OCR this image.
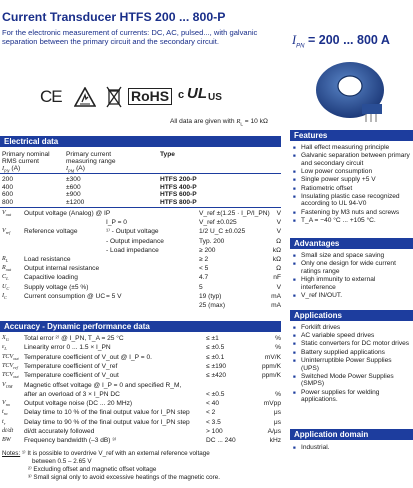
Current Transducer HTFS 200 ... 800-P
$I_{PN} = 200$ ... 800 A
For the electronic measurement of currents: DC, AC, pulsed..., with galvanic separation between the primary circuit and the secondary circuit.
CE	RoHS c UL US
All data are given with $R_L = 10$ kΩ
Electrical data
Primary nominal
RMS current
$I_{PN}$ (A)
Primary current
measuring range
$I_{PM}$ (A)
Type
200	±300	HTFS 200-P
400	±600	HTFS 400-P
600	±900	HTFS 600-P
800	±1200	HTFS 800-P
$V_{out}$ Output voltage (Analog) @ IP	V_ref ±(1.25 · I_P/I_PN)	V
I_P = 0	V_ref ±0.025	V
$V_{ref}$ Reference voltage	¹⁾ - Output voltage	1/2 U_C ±0.025	V
- Output impedance	Typ. 200	Ω
- Load impedance	≥ 200	kΩ
$R_L$ Load resistance	≥ 2	kΩ
$R_{out}$ Output internal resistance	< 5	Ω
$C_L$ Capacitive loading	4.7	nF
$U_C$ Supply voltage (±5 %)	5	V
$I_C$	Current consumption @ UC = 5 V	19 (typ)	mA
25 (max)	mA
Accuracy - Dynamic performance data
$X_G$ Total error ²⁾ @ I_PN, T_A = 25 °C	≤ ±1	%
$\varepsilon_L$	Linearity error 0 ... 1.5 × I_PN	≤ ±0.5	%
$TCV_{out}$ Temperature coefficient of V_out @ I_P = 0.	≤ ±0.1	mV/K
$TCV_{ref}$ Temperature coefficient of V_ref	≤ ±190	ppm/K
$TCV_{out}$ Temperature coefficient of V_out	≤ ±420	ppm/K
$V_{OM}$ Magnetic offset voltage @ I_P = 0 and specified R_M,
after an overload of 3 × I_PN DC	< ±0.5	%
$V_{no}$ Output voltage noise (DC ... 20 MHz)	< 40	mVpp
$t_{ra}$ Delay time to 10 % of the final output value for I_PN step < 2	μs
$t_r$	Delay time to 90 % of the final output value for I_PN step < 3.5	μs
di/dt di/dt accurately followed	> 100	A/μs
BW Frequency bandwidth (–3 dB) ³⁾	DC ... 240	kHz
Features
■ Hall effect measuring principle
■ Galvanic separation between primary and secondary circuit
■ Low power consumption
■ Single power supply +5 V
■ Ratiometric offset
■ Insulating plastic case recognized according to UL 94-V0
■ Fastening by M3 nuts and screws
■ T_A = −40 °C ... +105 °C.
Advantages
■ Small size and space saving
■ Only one design for wide current ratings range
■ High immunity to external interference
■ V_ref IN/OUT.
Applications
■ Forklift drives
■ AC variable speed drives
■ Static converters for DC motor drives
■ Battery supplied applications
■ Uninterruptible Power Supplies (UPS)
■ Switched Mode Power Supplies (SMPS)
■ Power supplies for welding applications.
Application domain
■ Industrial.
Notes: ¹⁾ It is possible to overdrive V_ref with an external reference voltage
between 0.5 – 2.65 V
²⁾ Excluding offset and magnetic offset voltage
³⁾ Small signal only to avoid excessive heatings of the magnetic core.
